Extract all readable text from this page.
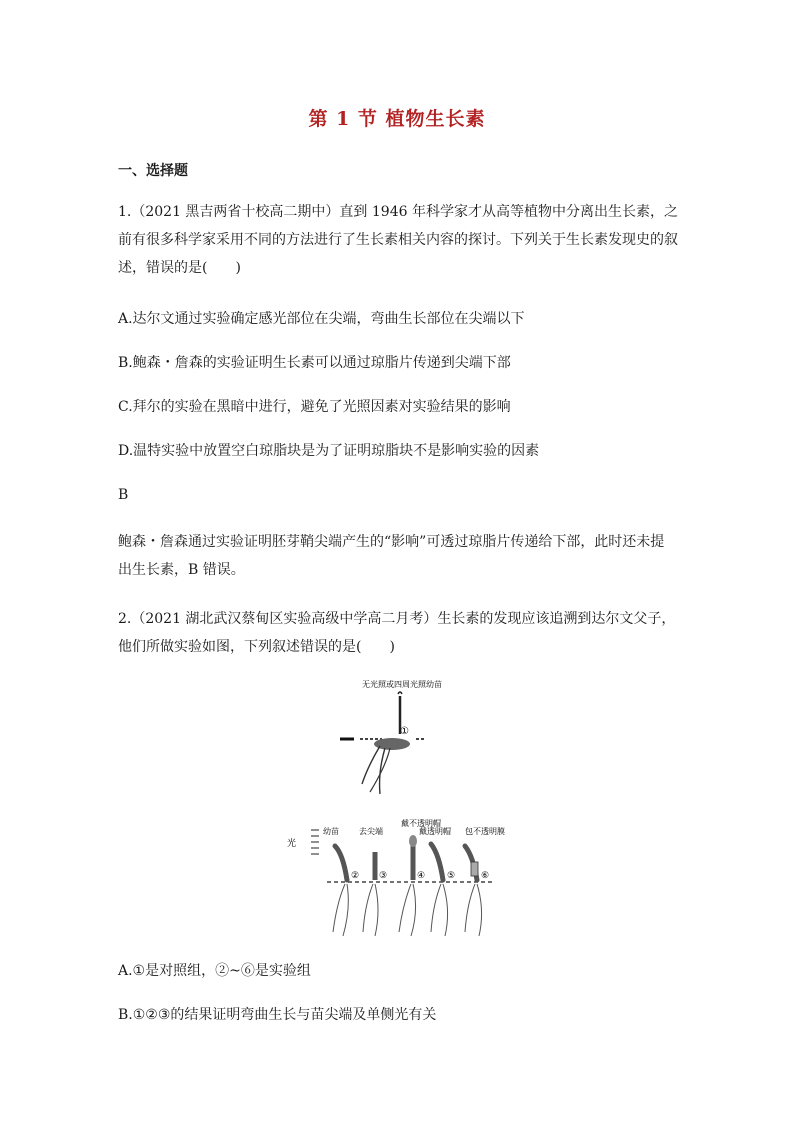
第 1 节 植物生长素
一、选择题
1.（2021 黑吉两省十校高二期中）直到 1946 年科学家才从高等植物中分离出生长素，之前有很多科学家采用不同的方法进行了生长素相关内容的探讨。下列关于生长素发现史的叙述，错误的是(　　)
A.达尔文通过实验确定感光部位在尖端，弯曲生长部位在尖端以下
B.鲍森・詹森的实验证明生长素可以通过琼脂片传递到尖端下部
C.拜尔的实验在黑暗中进行，避免了光照因素对实验结果的影响
D.温特实验中放置空白琼脂块是为了证明琼脂块不是影响实验的因素
B
鲍森・詹森通过实验证明胚芽鞘尖端产生的“影响”可透过琼脂片传递给下部，此时还未提出生长素，B 错误。
2.（2021 湖北武汉蔡甸区实验高级中学高二月考）生长素的发现应该追溯到达尔文父子，他们所做实验如图，下列叙述错误的是(　　)
无光照或四周光照幼苗
①
光
幼苗	去尖端
戴不透明帽
戴透明帽 包不透明膜
② ③	④ ⑤	⑥
A.①是对照组，②~⑥是实验组
B.①②③的结果证明弯曲生长与苗尖端及单侧光有关
